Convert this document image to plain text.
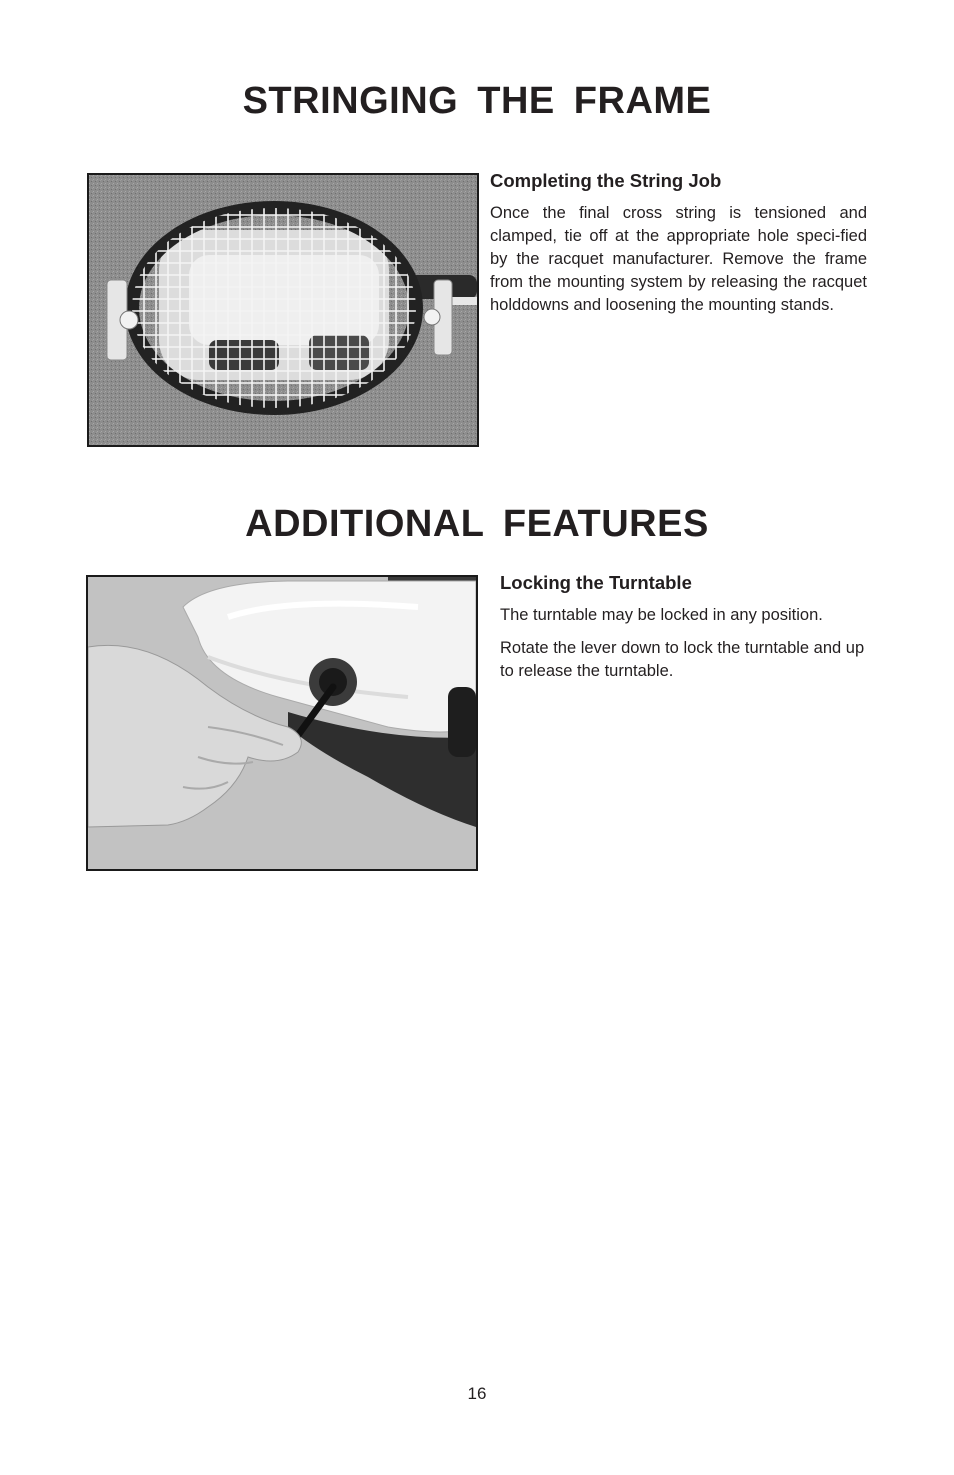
STRINGING THE FRAME
Completing the String Job

Once the final cross string is tensioned and clamped, tie off at the appropriate hole speci-fied by the racquet manufacturer. Remove the frame from the mounting system by releasing the racquet holddowns and loosening the mounting stands.

ADDITIONAL FEATURES
Locking the Turntable

The turntable may be locked in any position.

Rotate the lever down to lock the turntable and up to release the turntable.

16
